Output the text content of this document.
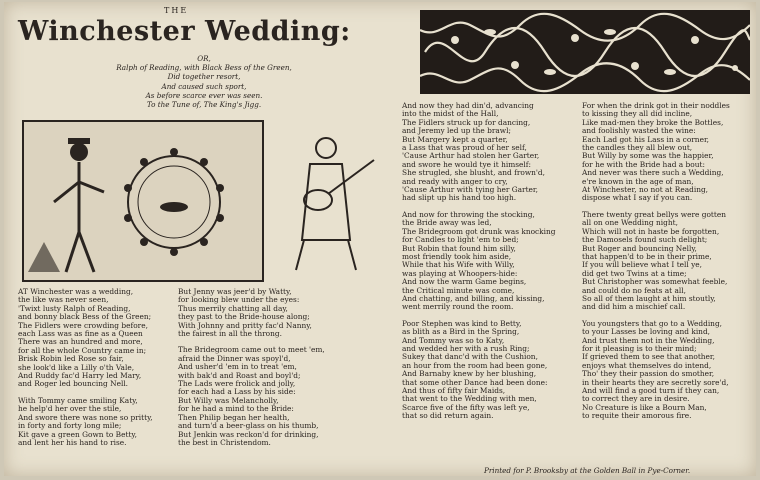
THE
Winchester Wedding:
OR,
Ralph of Reading, with Black Bess of the Green,
Did together resort,
And caused such sport,
As before scarce ever was seen.
To the Tune of, The King's Jigg.
AT Winchester was a wedding,
the like was never seen,
'Twixt lusty Ralph of Reading,
and bonny black Bess of the Green;
The Fidlers were crowding before,
each Lass was as fine as a Queen
There was an hundred and more,
for all the whole Country came in;
Brisk Robin led Rose so fair,
she look'd like a Lilly o'th Vale,
And Ruddy fac'd Harry led Mary,
and Roger led bouncing Nell.
With Tommy came smiling Katy,
he help'd her over the stile,
And swore there was none so pritty,
in forty and forty long mile;
Kit gave a green Gown to Betty,
and lent her his hand to rise.
But Jenny was jeer'd by Watty,
for looking blew under the eyes:
Thus merrily chatting all day,
they past to the Bride-house along;
With Johnny and pritty fac'd Nanny,
the fairest in all the throng.
The Bridegroom came out to meet 'em,
afraid the Dinner was spoyl'd,
And usher'd 'em in to treat 'em,
with bak'd and Roast and boyl'd;
The Lads were frolick and jolly,
for each had a Lass by his side:
But Willy was Melancholly,
for he had a mind to the Bride:
Then Philip began her health,
and turn'd a beer-glass on his thumb,
But Jenkin was reckon'd for drinking,
the best in Christendom.
And now they had din'd, advancing
into the midst of the Hall,
The Fidlers struck up for dancing,
and Jeremy led up the brawl;
But Margery kept a quarter,
a Lass that was proud of her self,
'Cause Arthur had stolen her Garter,
and swore he would tye it himself:
She strugled, she blusht, and frown'd,
and ready with anger to cry,
'Cause Arthur with tying her Garter,
had slipt up his hand too high.
And now for throwing the stocking,
the Bride away was led,
The Bridegroom got drunk was knocking
for Candles to light 'em to bed;
But Robin that found him silly,
most friendly took him aside,
While that his Wife with Willy,
was playing at Whoopers-hide:
And now the warm Game begins,
the Critical minute was come,
And chatting, and billing, and kissing,
went merrily round the room.
Poor Stephen was kind to Betty,
as blith as a Bird in the Spring,
And Tommy was so to Katy,
and wedded her with a rush Ring;
Sukey that danc'd with the Cushion,
an hour from the room had been gone,
And Barnaby knew by her blushing,
that some other Dance had been done:
And thus of fifty fair Maids,
that went to the Wedding with men,
Scarce five of the fifty was left ye,
that so did return again.
For when the drink got in their noddles
to kissing they all did incline,
Like mad-men they broke the Bottles,
and foolishly wasted the wine:
Each Lad got his Lass in a corner,
the candles they all blew out,
But Willy by some was the happier,
for he with the Bride had a bout:
And never was there such a Wedding,
e're known in the age of man,
At Winchester, no not at Reading,
dispose what I say if you can.
There twenty great bellys were gotten
all on one Wedding night,
Which will not in haste be forgotten,
the Damosels found such delight;
But Roger and bouncing Nelly,
that happen'd to be in their prime,
If you will believe what I tell ye,
did get two Twins at a time;
But Christopher was somewhat feeble,
and could do no feats at all,
So all of them laught at him stoutly,
and did him a mischief call.
You youngsters that go to a Wedding,
to your Lasses be loving and kind,
And trust them not in the Wedding,
for it pleasing is to their mind;
If grieved them to see that another,
enjoys what themselves do intend,
Tho' they their passion do smother,
in their hearts they are secretly sore'd,
And will find a good turn if they can,
to correct they are in desire.
No Creature is like a Bourn Man,
to requite their amorous fire.
Printed for P. Brooksby at the Golden Ball in Pye-Corner.
